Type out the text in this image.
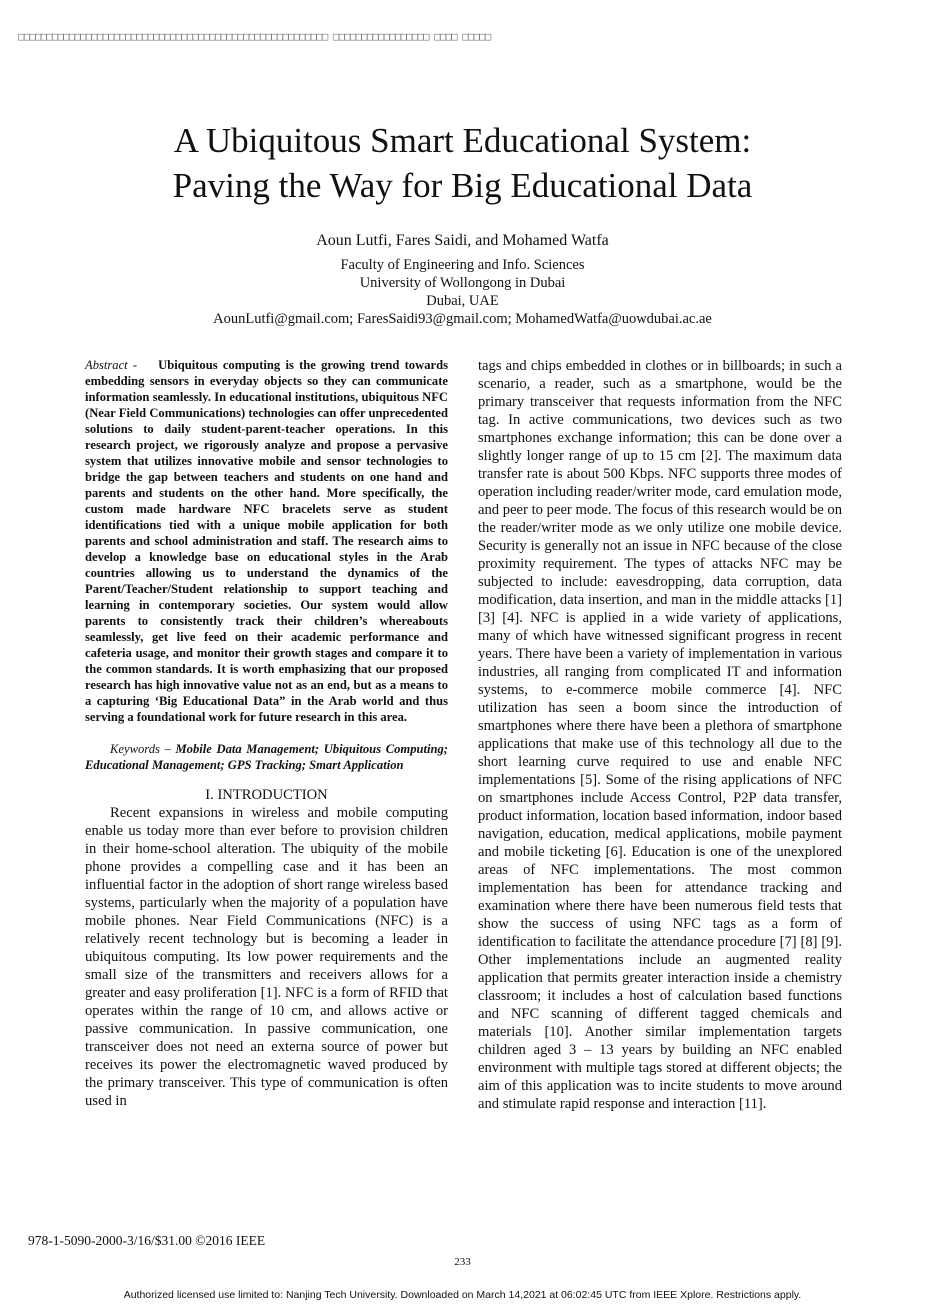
□□□□□□□□□□□□□□□□□□□□□□□□□□□□□□□□□□□□□□□□□□□□□□□□□□□□□□□ □□□□□□□□□□□□□□□□□ □□□□ □□□□□
A Ubiquitous Smart Educational System:
Paving the Way for Big Educational Data
Aoun Lutfi, Fares Saidi, and Mohamed Watfa
Faculty of Engineering and Info. Sciences
University of Wollongong in Dubai
Dubai, UAE
AounLutfi@gmail.com; FaresSaidi93@gmail.com; MohamedWatfa@uowdubai.ac.ae

Abstract - Ubiquitous computing is the growing trend towards embedding sensors in everyday objects so they can communicate information seamlessly. In educational institutions, ubiquitous NFC (Near Field Communications) technologies can offer unprecedented solutions to daily student-parent-teacher operations. In this research project, we rigorously analyze and propose a pervasive system that utilizes innovative mobile and sensor technologies to bridge the gap between teachers and students on one hand and parents and students on the other hand. More specifically, the custom made hardware NFC bracelets serve as student identifications tied with a unique mobile application for both parents and school administration and staff. The research aims to develop a knowledge base on educational styles in the Arab countries allowing us to understand the dynamics of the Parent/Teacher/Student relationship to support teaching and learning in contemporary societies. Our system would allow parents to consistently track their children’s whereabouts seamlessly, get live feed on their academic performance and cafeteria usage, and monitor their growth stages and compare it to the common standards. It is worth emphasizing that our proposed research has high innovative value not as an end, but as a means to a capturing ‘Big Educational Data” in the Arab world and thus serving a foundational work for future research in this area.

Keywords – Mobile Data Management; Ubiquitous Computing; Educational Management; GPS Tracking; Smart Application

I. INTRODUCTION

Recent expansions in wireless and mobile computing enable us today more than ever before to provision children in their home-school alteration. The ubiquity of the mobile phone provides a compelling case and it has been an influential factor in the adoption of short range wireless based systems, particularly when the majority of a population have mobile phones. Near Field Communications (NFC) is a relatively recent technology but is becoming a leader in ubiquitous computing. Its low power requirements and the small size of the transmitters and receivers allows for a greater and easy proliferation [1]. NFC is a form of RFID that operates within the range of 10 cm, and allows active or passive communication. In passive communication, one transceiver does not need an externa source of power but receives its power the electromagnetic waved produced by the primary transceiver. This type of communication is often used in

tags and chips embedded in clothes or in billboards; in such a scenario, a reader, such as a smartphone, would be the primary transceiver that requests information from the NFC tag. In active communications, two devices such as two smartphones exchange information; this can be done over a slightly longer range of up to 15 cm [2]. The maximum data transfer rate is about 500 Kbps. NFC supports three modes of operation including reader/writer mode, card emulation mode, and peer to peer mode. The focus of this research would be on the reader/writer mode as we only utilize one mobile device. Security is generally not an issue in NFC because of the close proximity requirement. The types of attacks NFC may be subjected to include: eavesdropping, data corruption, data modification, data insertion, and man in the middle attacks [1] [3] [4]. NFC is applied in a wide variety of applications, many of which have witnessed significant progress in recent years. There have been a variety of implementation in various industries, all ranging from complicated IT and information systems, to e-commerce mobile commerce [4]. NFC utilization has seen a boom since the introduction of smartphones where there have been a plethora of smartphone applications that make use of this technology all due to the short learning curve required to use and enable NFC implementations [5]. Some of the rising applications of NFC on smartphones include Access Control, P2P data transfer, product information, location based information, indoor based navigation, education, medical applications, mobile payment and mobile ticketing [6]. Education is one of the unexplored areas of NFC implementations. The most common implementation has been for attendance tracking and examination where there have been numerous field tests that show the success of using NFC tags as a form of identification to facilitate the attendance procedure [7] [8] [9]. Other implementations include an augmented reality application that permits greater interaction inside a chemistry classroom; it includes a host of calculation based functions and NFC scanning of different tagged chemicals and materials [10]. Another similar implementation targets children aged 3 – 13 years by building an NFC enabled environment with multiple tags stored at different objects; the aim of this application was to incite students to move around and stimulate rapid response and interaction [11].

978-1-5090-2000-3/16/$31.00 ©2016 IEEE
233
Authorized licensed use limited to: Nanjing Tech University. Downloaded on March 14,2021 at 06:02:45 UTC from IEEE Xplore. Restrictions apply.
